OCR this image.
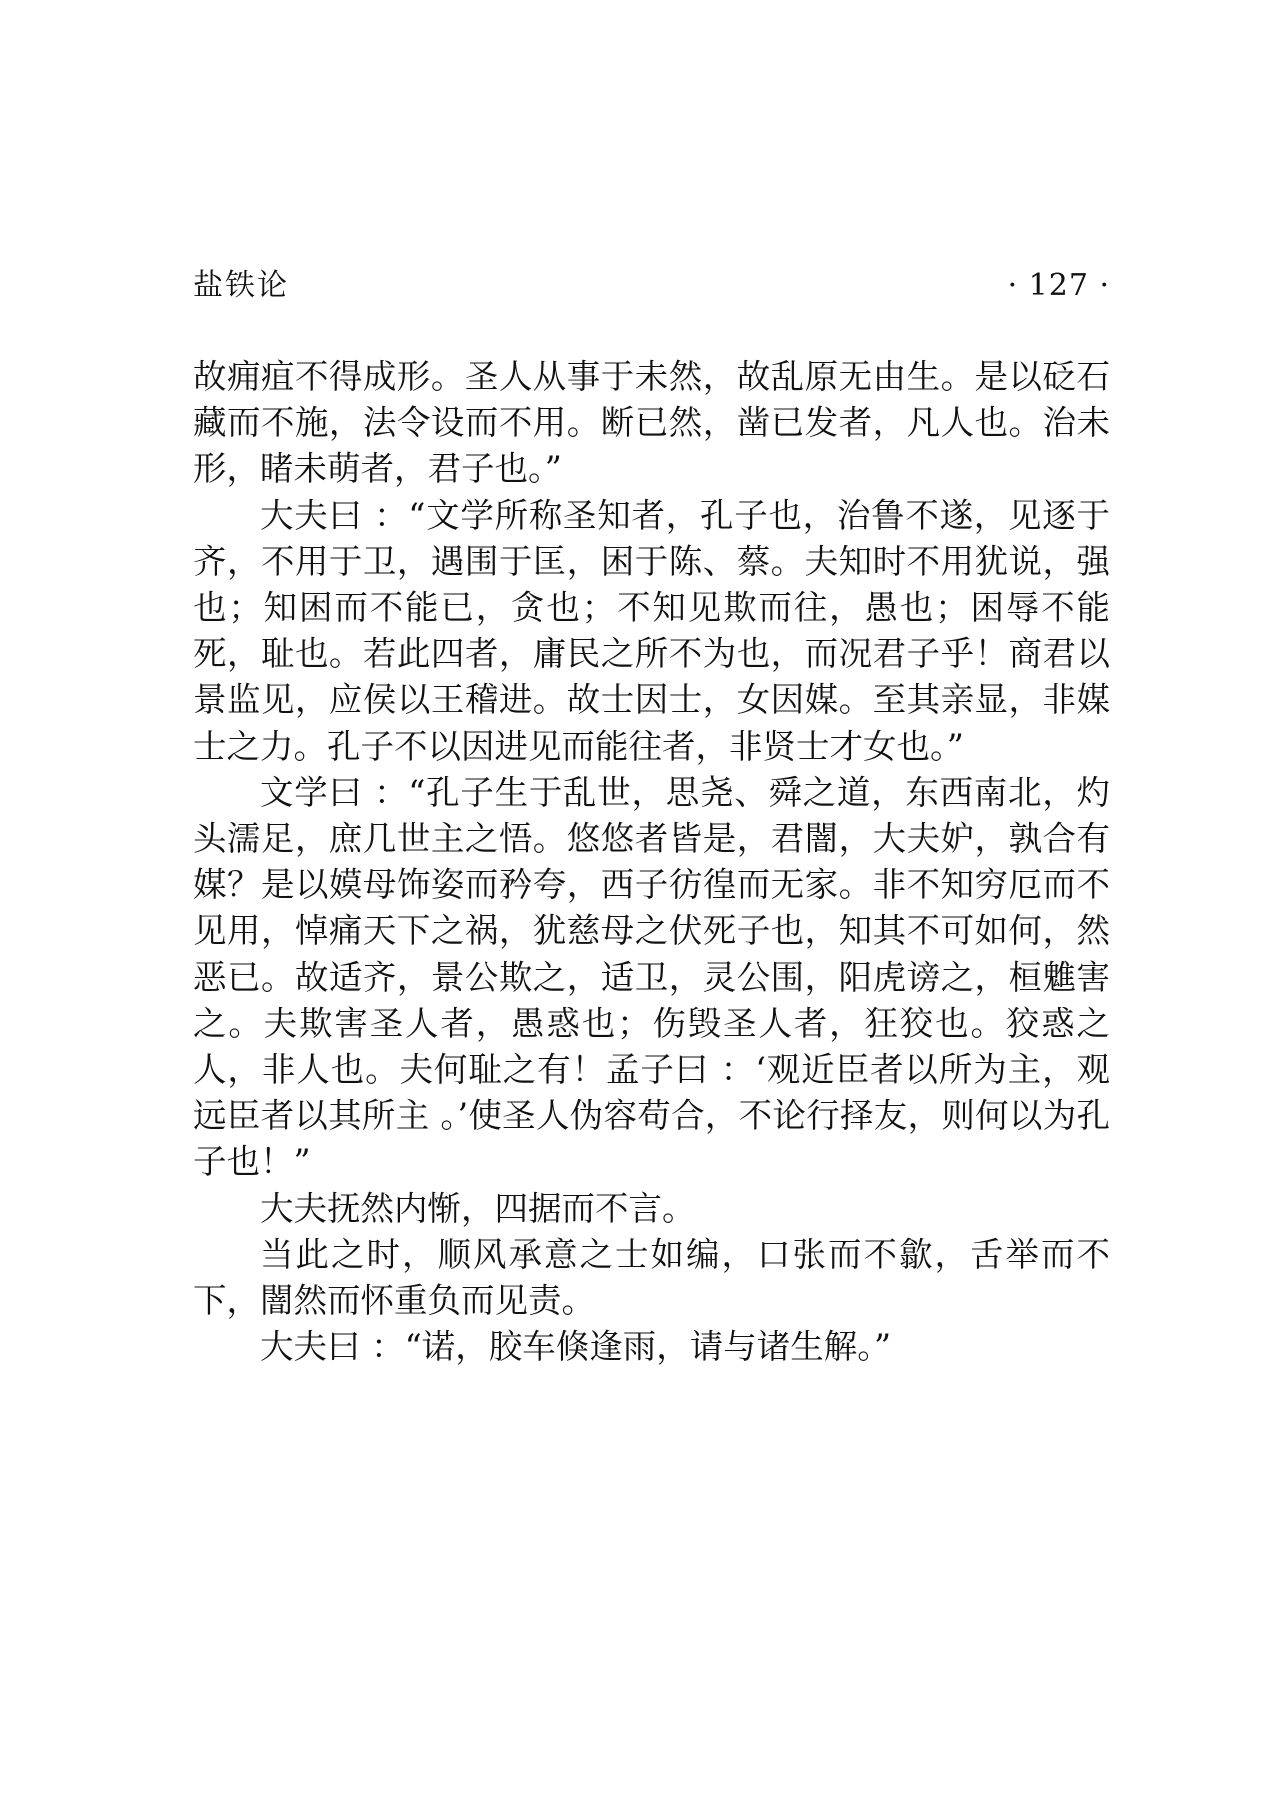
盐铁论	· 127 ·

故痈疽不得成形。圣人从事于未然，故乱原无由生。是以砭石藏而不施，法令设而不用。断已然，凿已发者，凡人也。治未形，睹未萌者，君子也。”

大夫曰 ：“文学所称圣知者，孔子也，治鲁不遂，见逐于齐，不用于卫，遇围于匡，困于陈、蔡。夫知时不用犹说，强也；知困而不能已，贪也；不知见欺而往，愚也；困辱不能死，耻也。若此四者，庸民之所不为也，而况君子乎！商君以景监见，应侯以王稽进。故士因士，女因媒。至其亲显，非媒士之力。孔子不以因进见而能往者，非贤士才女也。”

文学曰 ：“孔子生于乱世，思尧、舜之道，东西南北，灼头濡足，庶几世主之悟。悠悠者皆是，君闇，大夫妒，孰合有媒？是以嫫母饰姿而矜夸，西子彷徨而无家。非不知穷厄而不见用，悼痛天下之祸，犹慈母之伏死子也，知其不可如何，然恶已。故适齐，景公欺之，适卫，灵公围，阳虎谤之，桓魋害之。夫欺害圣人者，愚惑也；伤毁圣人者，狂狡也。狡惑之人，非人也。夫何耻之有！孟子曰 ：‘观近臣者以所为主，观远臣者以其所主 。’使圣人伪容苟合，不论行择友，则何以为孔子也！”

大夫抚然内惭，四据而不言。

当此之时，顺风承意之士如编，口张而不歙，舌举而不下，闇然而怀重负而见责。

大夫曰 ：“诺，胶车倏逢雨，请与诸生解。”
